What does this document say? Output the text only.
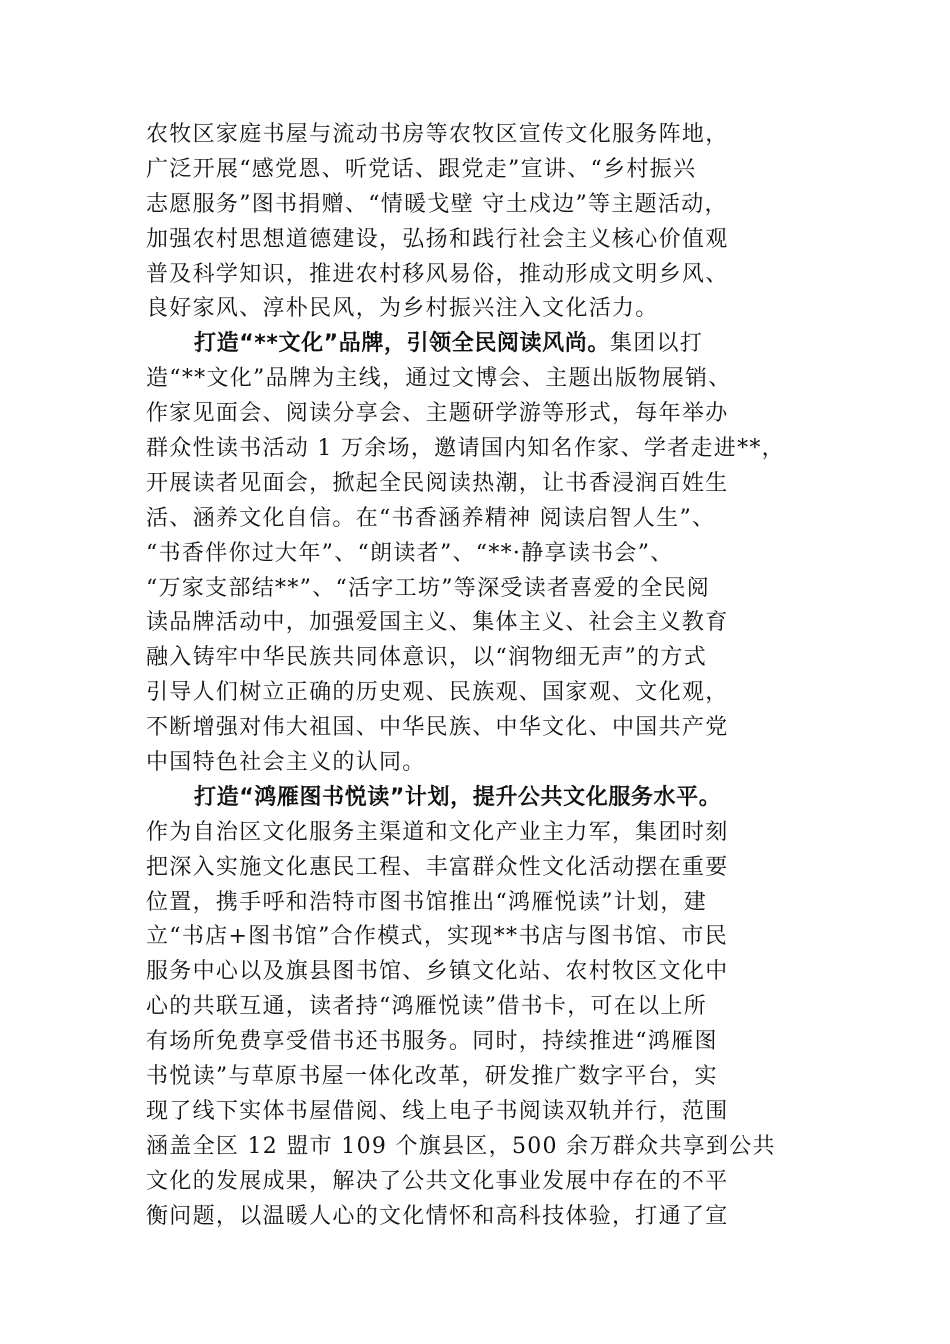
农牧区家庭书屋与流动书房等农牧区宣传文化服务阵地，
广泛开展“感党恩、听党话、跟党走”宣讲、“乡村振兴
志愿服务”图书捐赠、“情暖戈壁 守土戍边”等主题活动，
加强农村思想道德建设，弘扬和践行社会主义核心价值观
普及科学知识，推进农村移风易俗，推动形成文明乡风、
良好家风、淳朴民风，为乡村振兴注入文化活力。
打造“**文化”品牌，引领全民阅读风尚。集团以打
造“**文化”品牌为主线，通过文博会、主题出版物展销、
作家见面会、阅读分享会、主题研学游等形式，每年举办
群众性读书活动 1 万余场，邀请国内知名作家、学者走进**，
开展读者见面会，掀起全民阅读热潮，让书香浸润百姓生
活、涵养文化自信。在“书香涵养精神 阅读启智人生”、
“书香伴你过大年”、“朗读者”、“**·静享读书会”、
“万家支部结**”、“活字工坊”等深受读者喜爱的全民阅
读品牌活动中，加强爱国主义、集体主义、社会主义教育
融入铸牢中华民族共同体意识，以“润物细无声”的方式
引导人们树立正确的历史观、民族观、国家观、文化观，
不断增强对伟大祖国、中华民族、中华文化、中国共产党
中国特色社会主义的认同。
打造“鸿雁图书悦读”计划，提升公共文化服务水平。
作为自治区文化服务主渠道和文化产业主力军，集团时刻
把深入实施文化惠民工程、丰富群众性文化活动摆在重要
位置，携手呼和浩特市图书馆推出“鸿雁悦读”计划，建
立“书店+图书馆”合作模式，实现**书店与图书馆、市民
服务中心以及旗县图书馆、乡镇文化站、农村牧区文化中
心的共联互通，读者持“鸿雁悦读”借书卡，可在以上所
有场所免费享受借书还书服务。同时，持续推进“鸿雁图
书悦读”与草原书屋一体化改革，研发推广数字平台，实
现了线下实体书屋借阅、线上电子书阅读双轨并行，范围
涵盖全区 12 盟市 109 个旗县区，500 余万群众共享到公共
文化的发展成果，解决了公共文化事业发展中存在的不平
衡问题，以温暖人心的文化情怀和高科技体验，打通了宣
